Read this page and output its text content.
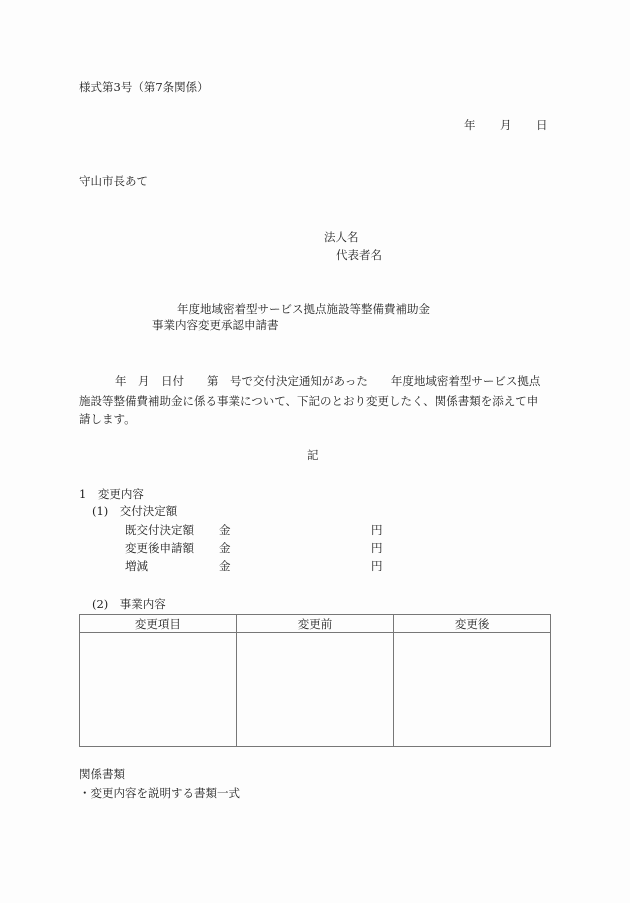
様式第3号（第7条関係）
年 月 日
守山市長あて
法人名
代表者名
年度地域密着型サービス拠点施設等整備費補助金
事業内容変更承認申請書
年　月　日付　　第　号で交付決定通知があった　　年度地域密着型サービス拠点
施設等整備費補助金に係る事業について、下記のとおり変更したく、関係書類を添えて申
請します。
記
1　変更内容
(1)　交付決定額
既交付決定額 金	円
変更後申請額 金	円
増減	金	円
(2)　事業内容
変更項目	変更前	変更後

関係書類
・変更内容を説明する書類一式
